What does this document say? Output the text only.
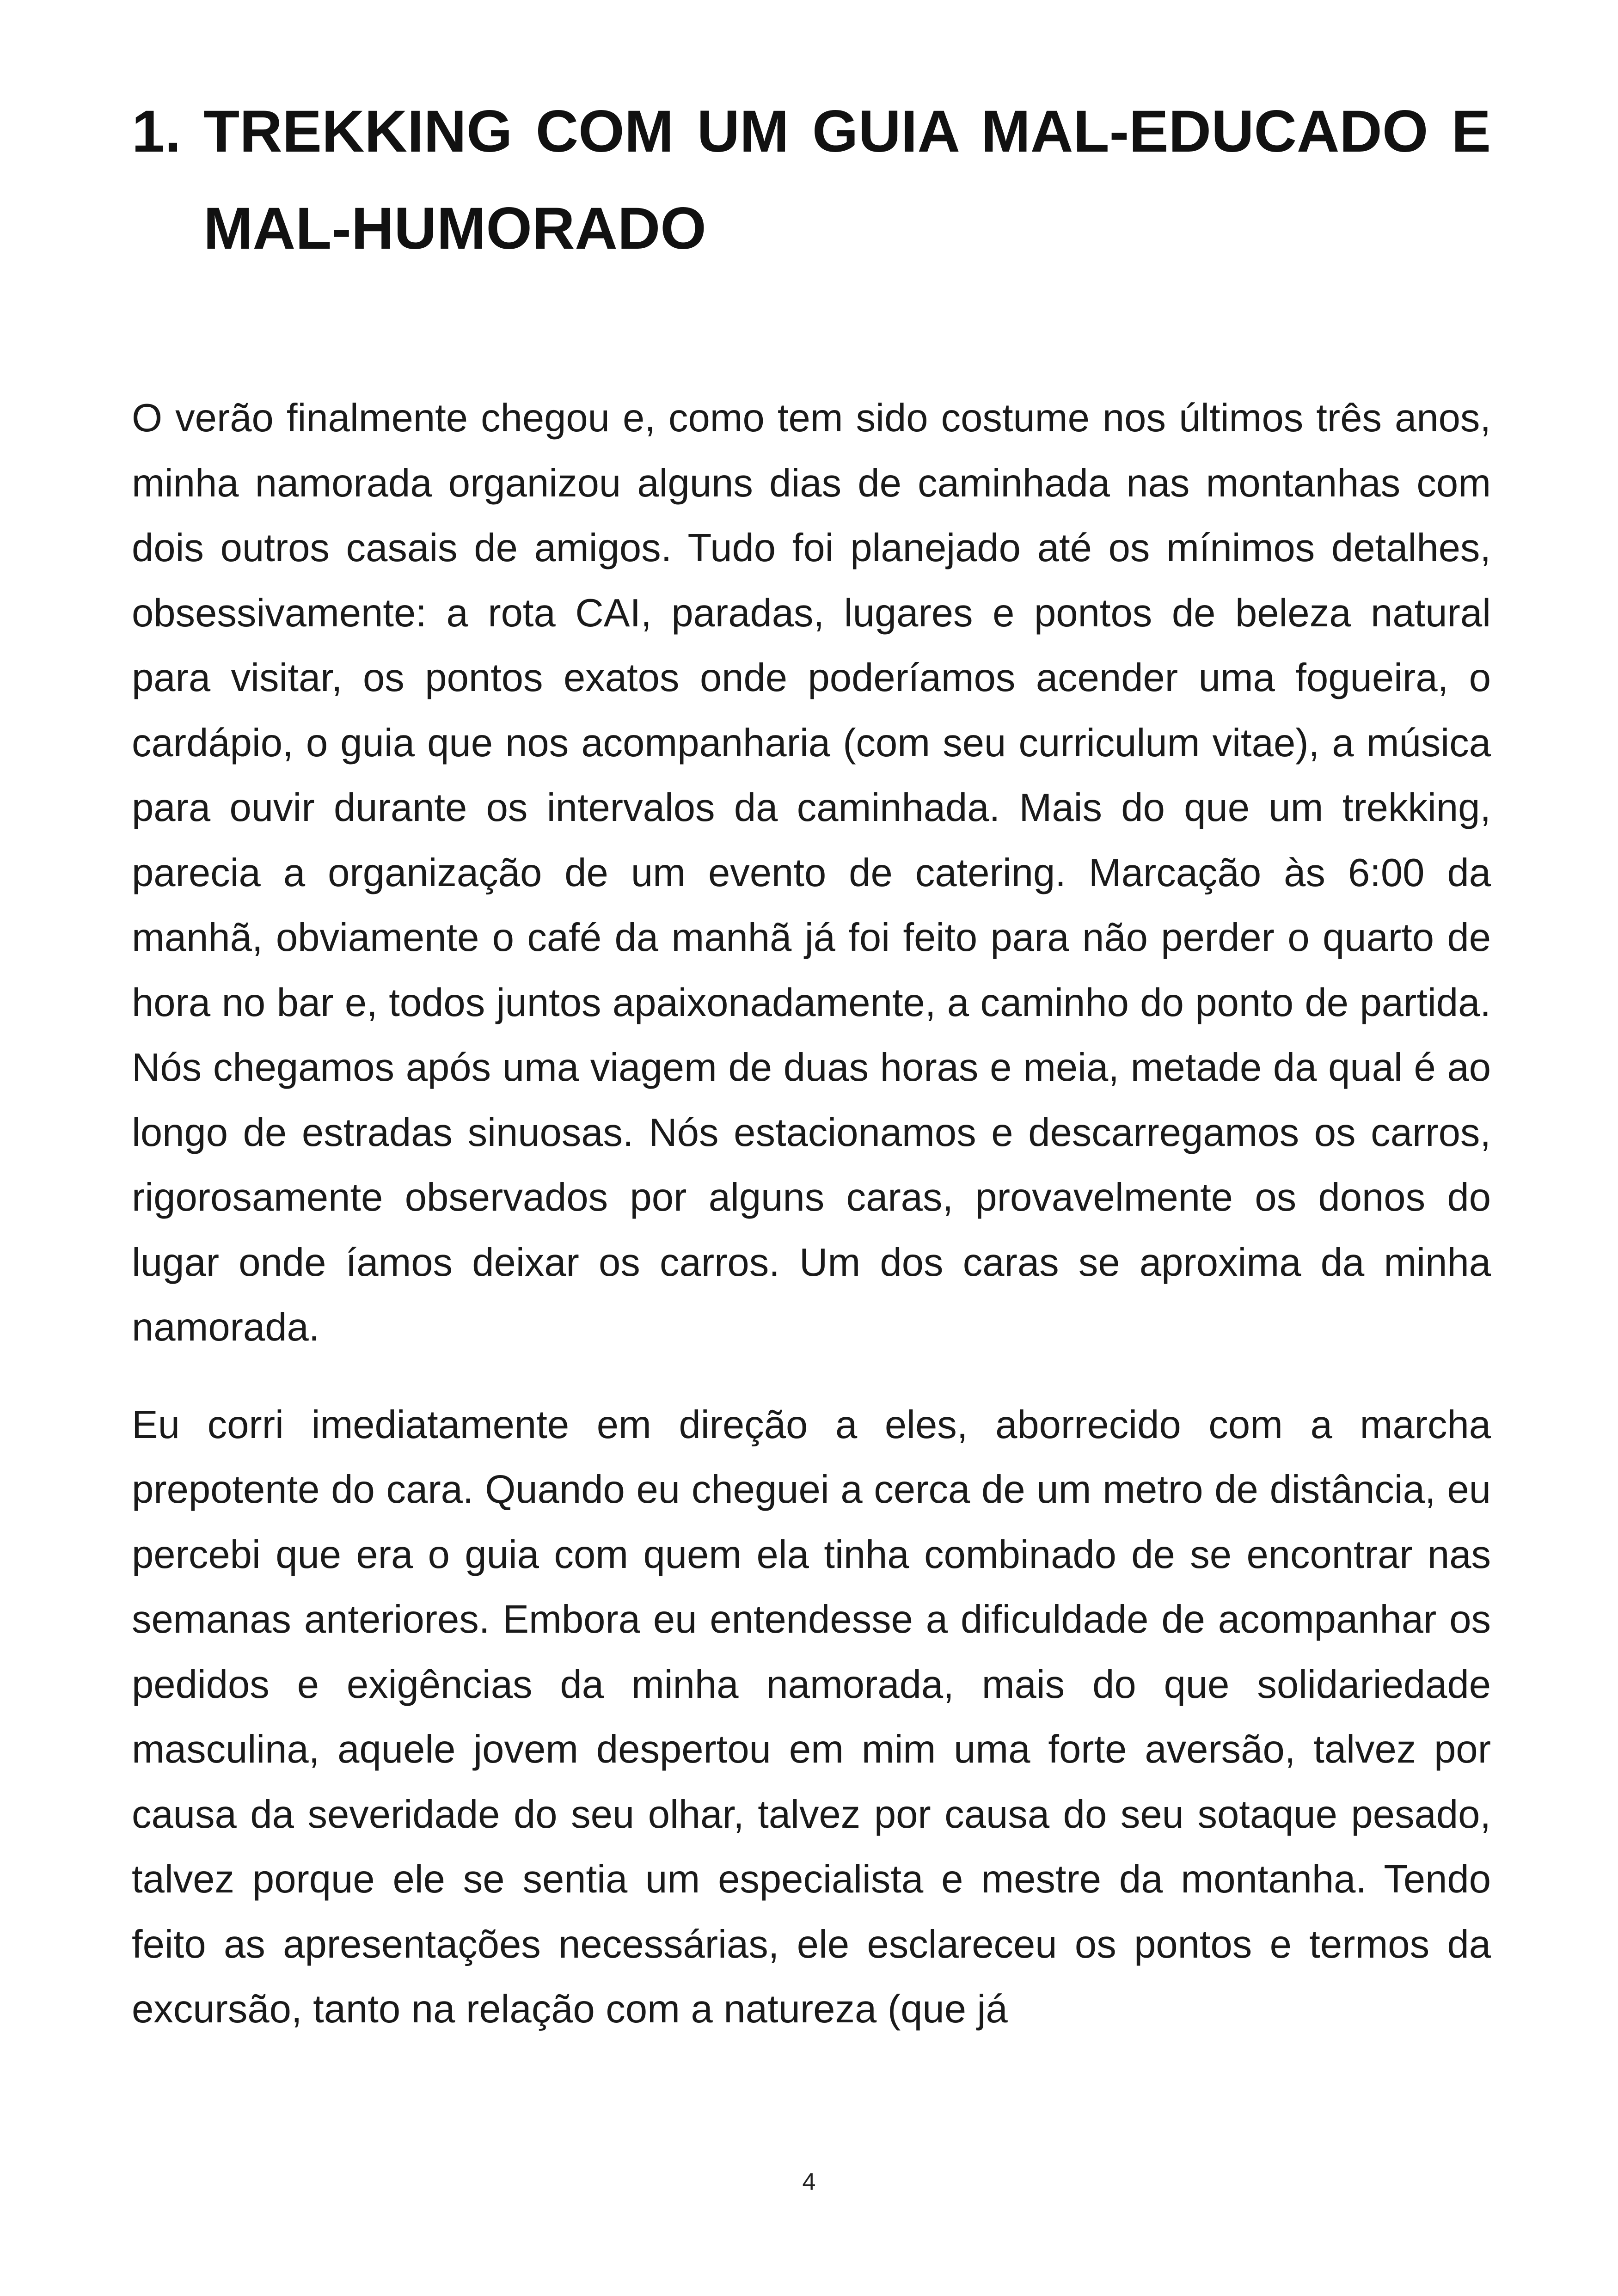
1. TREKKING COM UM GUIA MAL-EDUCADO E MAL-HUMORADO

O verão finalmente chegou e, como tem sido costume nos últimos três anos, minha namorada organizou alguns dias de caminhada nas montanhas com dois outros casais de amigos. Tudo foi planejado até os mínimos detalhes, obsessivamente: a rota CAI, paradas, lugares e pontos de beleza natural para visitar, os pontos exatos onde poderíamos acender uma fogueira, o cardápio, o guia que nos acompanharia (com seu curriculum vitae), a música para ouvir durante os intervalos da caminhada. Mais do que um trekking, parecia a organização de um evento de catering. Marcação às 6:00 da manhã, obviamente o café da manhã já foi feito para não perder o quarto de hora no bar e, todos juntos apaixonadamente, a caminho do ponto de partida. Nós chegamos após uma viagem de duas horas e meia, metade da qual é ao longo de estradas sinuosas. Nós estacionamos e descarregamos os carros, rigorosamente observados por alguns caras, provavelmente os donos do lugar onde íamos deixar os carros. Um dos caras se aproxima da minha namorada.

Eu corri imediatamente em direção a eles, aborrecido com a marcha prepotente do cara. Quando eu cheguei a cerca de um metro de distância, eu percebi que era o guia com quem ela tinha combinado de se encontrar nas semanas anteriores. Embora eu entendesse a dificuldade de acompanhar os pedidos e exigências da minha namorada, mais do que solidariedade masculina, aquele jovem despertou em mim uma forte aversão, talvez por causa da severidade do seu olhar, talvez por causa do seu sotaque pesado, talvez porque ele se sentia um especialista e mestre da montanha. Tendo feito as apresentações necessárias, ele esclareceu os pontos e termos da excursão, tanto na relação com a natureza (que já

4
